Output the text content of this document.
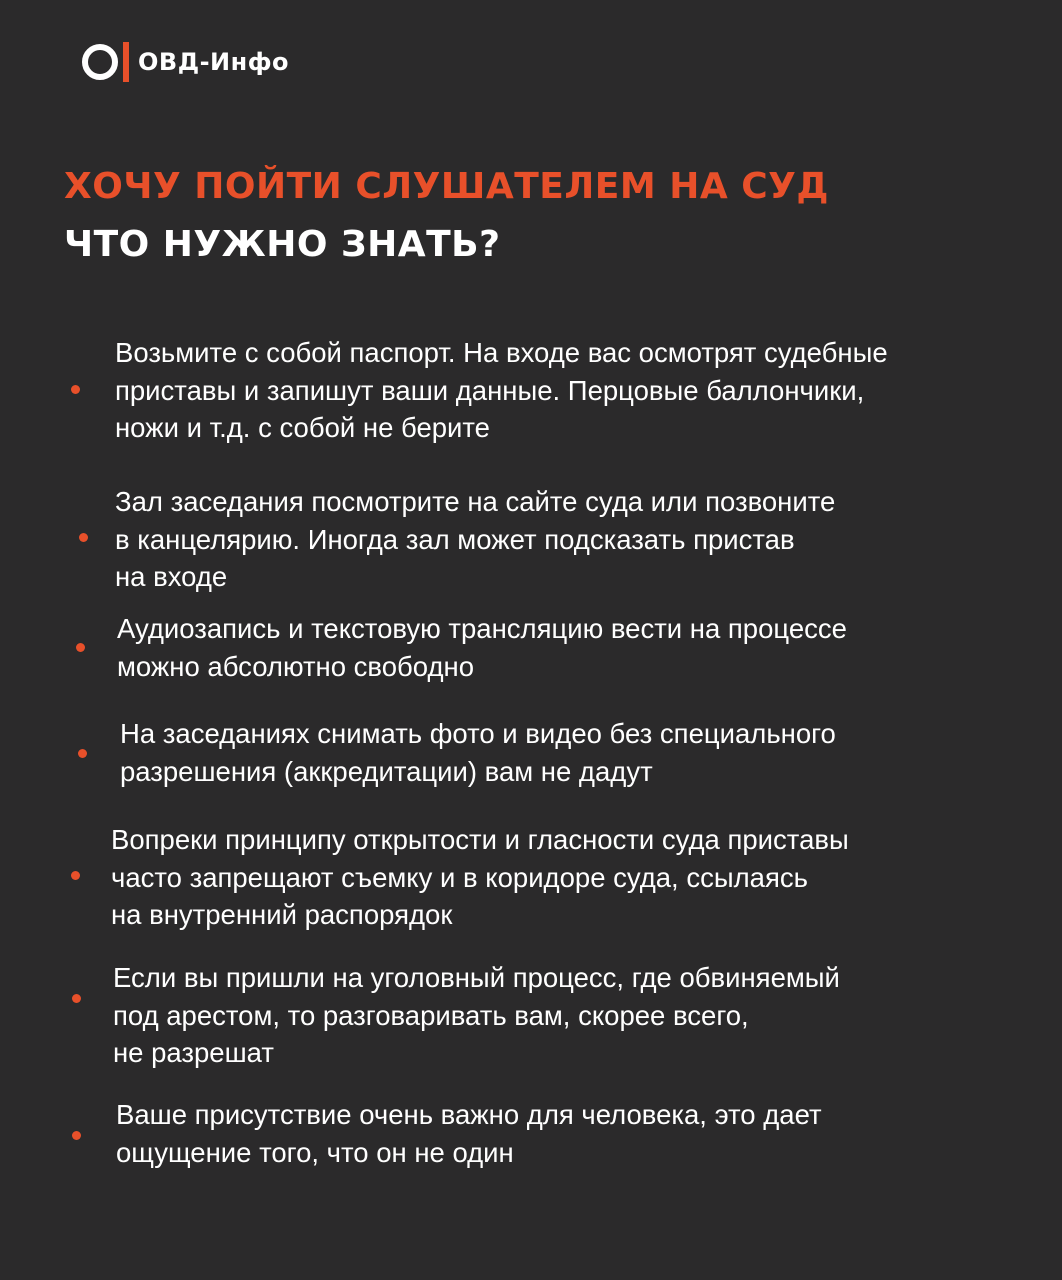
ОВД-Инфо
ХОЧУ ПОЙТИ СЛУШАТЕЛЕМ НА СУД
ЧТО НУЖНО ЗНАТЬ?
Возьмите с собой паспорт. На входе вас осмотрят судебные
приставы и запишут ваши данные. Перцовые баллончики,
ножи и т.д. с собой не берите
Зал заседания посмотрите на сайте суда или позвоните
в канцелярию. Иногда зал может подсказать пристав
на входе
Аудиозапись и текстовую трансляцию вести на процессе
можно абсолютно свободно
На заседаниях снимать фото и видео без специального
разрешения (аккредитации) вам не дадут
Вопреки принципу открытости и гласности суда приставы
часто запрещают съемку и в коридоре суда, ссылаясь
на внутренний распорядок
Если вы пришли на уголовный процесс, где обвиняемый
под арестом, то разговаривать вам, скорее всего,
не разрешат
Ваше присутствие очень важно для человека, это дает
ощущение того, что он не один
